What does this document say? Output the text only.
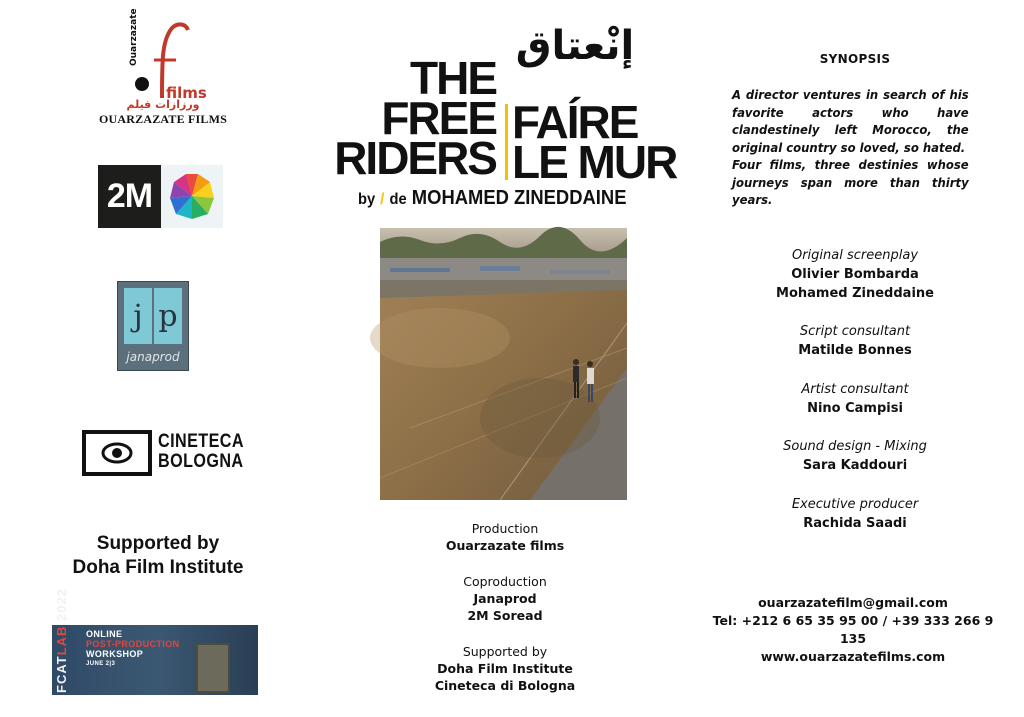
Ouarzazate
films
ورزازات فيلم
OUARZAZATE FILMS
2M
j p
janaprod
CINETECA
BOLOGNA
Supported by
Doha Film Institute
FCATLAB 2022
ONLINE
POST-PRODUCTION
WORKSHOP
JUNE 2|3
إنْعتاق
THE
FREE
RIDERS
FAÍRE
LE MUR
by / de MOHAMED ZINEDDAINE
Production
Ouarzazate films
Coproduction
Janaprod
2M Soread
Supported by
Doha Film Institute
Cineteca di Bologna
SYNOPSIS

A director ventures in search of his favorite actors who have clandestinely left Morocco, the original country so loved, so hated.

Four films, three destinies whose journeys span more than thirty years.

Original screenplay
Olivier Bombarda
Mohamed Zineddaine
Script consultant
Matilde Bonnes
Artist consultant
Nino Campisi
Sound design - Mixing
Sara Kaddouri
Executive producer
Rachida Saadi
ouarzazatefilm@gmail.com
Tel: +212 6 65 35 95 00 / +39 333 266 9 135
www.ouarzazatefilms.com
